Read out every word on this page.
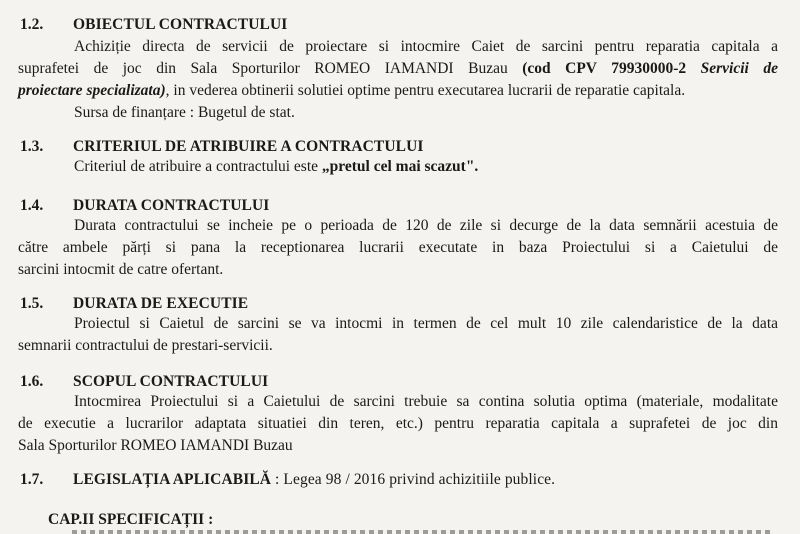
1.2. OBIECTUL CONTRACTULUI
Achiziție directa de servicii de proiectare si intocmire Caiet de sarcini pentru reparatia capitala a
suprafetei de joc din Sala Sporturilor ROMEO IAMANDI Buzau (cod CPV 79930000-2 Servicii de
proiectare specializata), in vederea obtinerii solutiei optime pentru executarea lucrarii de reparatie capitala.
Sursa de finanțare : Bugetul de stat.
1.3. CRITERIUL DE ATRIBUIRE A CONTRACTULUI
Criteriul de atribuire a contractului este „pretul cel mai scazut".
1.4. DURATA CONTRACTULUI
Durata contractului se incheie pe o perioada de 120 de zile si decurge de la data semnării acestuia de
către ambele părți si pana la receptionarea lucrarii executate in baza Proiectului si a Caietului de
sarcini intocmit de catre ofertant.
1.5. DURATA DE EXECUTIE
Proiectul si Caietul de sarcini se va intocmi in termen de cel mult 10 zile calendaristice de la data
semnarii contractului de prestari-servicii.
1.6. SCOPUL CONTRACTULUI
Intocmirea Proiectului si a Caietului de sarcini trebuie sa contina solutia optima (materiale, modalitate
de executie a lucrarilor adaptata situatiei din teren, etc.) pentru reparatia capitala a suprafetei de joc din
Sala Sporturilor ROMEO IAMANDI Buzau
1.7. LEGISLAȚIA APLICABILĂ : Legea 98 / 2016 privind achizitiile publice.
CAP.II SPECIFICAȚII :
